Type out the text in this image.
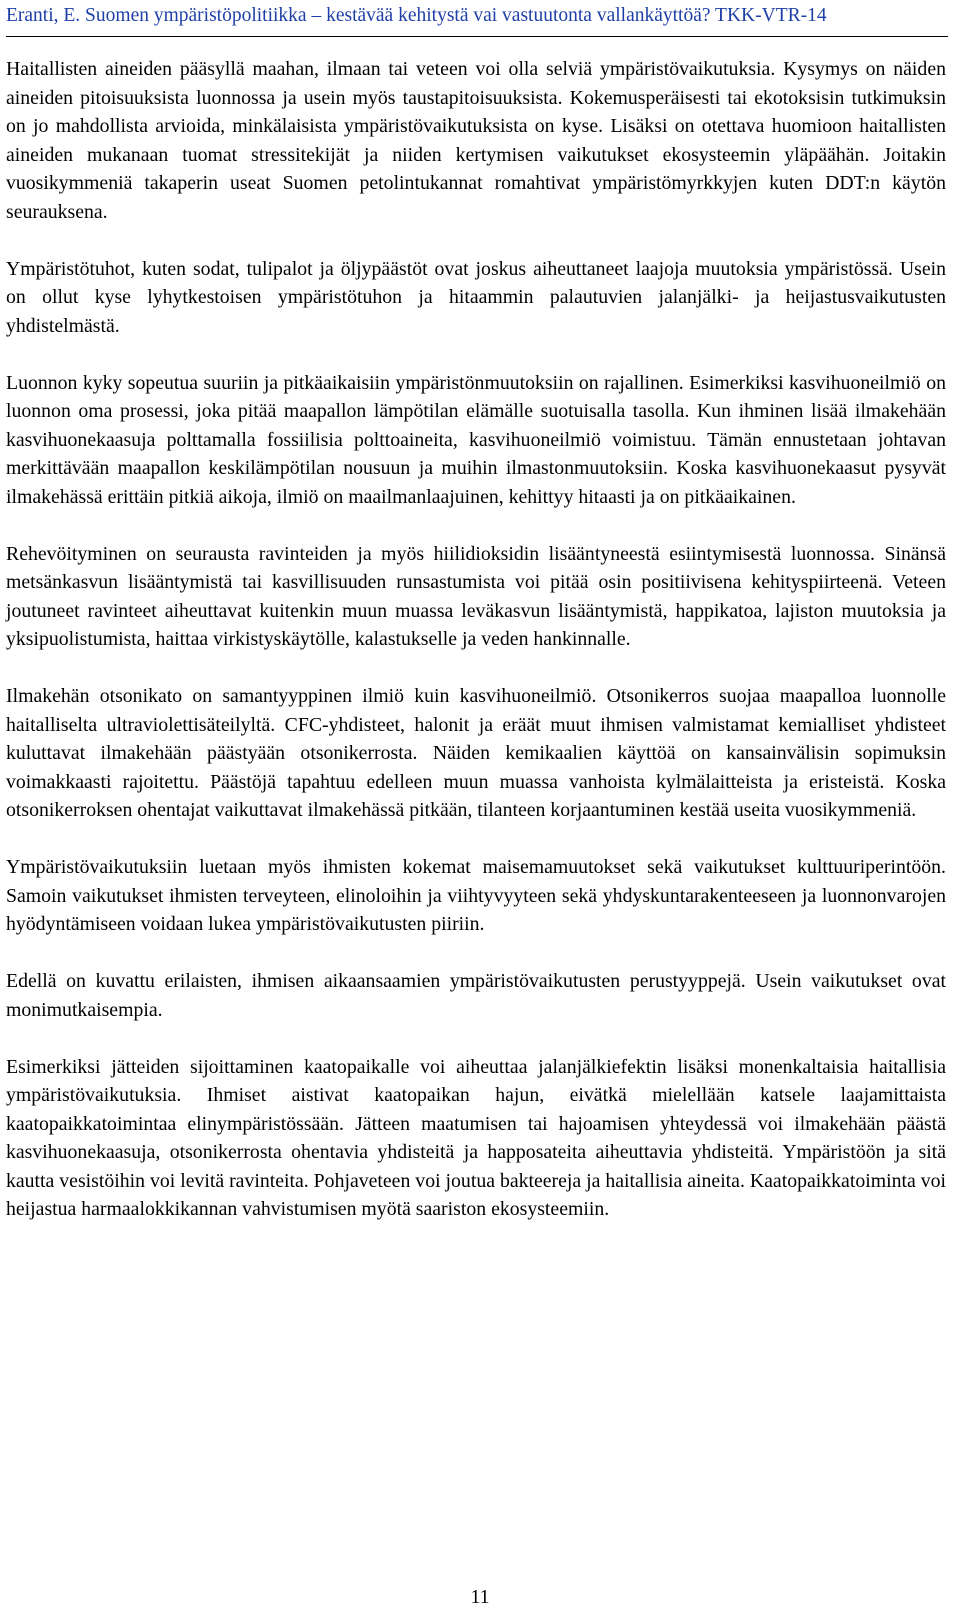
Eranti, E. Suomen ympäristöpolitiikka – kestävää kehitystä vai vastuutonta vallankäyttöä? TKK-VTR-14

Haitallisten aineiden pääsyllä maahan, ilmaan tai veteen voi olla selviä ympäristövaikutuksia. Kysymys on näiden aineiden pitoisuuksista luonnossa ja usein myös taustapitoisuuksista. Kokemusperäisesti tai ekotoksisin tutkimuksin on jo mahdollista arvioida, minkälaisista ympäristövaikutuksista on kyse. Lisäksi on otettava huomioon haitallisten aineiden mukanaan tuomat stressitekijät ja niiden kertymisen vaikutukset ekosysteemin yläpäähän. Joitakin vuosikymmeniä takaperin useat Suomen petolintukannat romahtivat ympäristömyrkkyjen kuten DDT:n käytön seurauksena.

Ympäristötuhot, kuten sodat, tulipalot ja öljypäästöt ovat joskus aiheuttaneet laajoja muutoksia ympäristössä. Usein on ollut kyse lyhytkestoisen ympäristötuhon ja hitaammin palautuvien jalanjälki- ja heijastusvaikutusten yhdistelmästä.

Luonnon kyky sopeutua suuriin ja pitkäaikaisiin ympäristönmuutoksiin on rajallinen. Esimerkiksi kasvihuoneilmiö on luonnon oma prosessi, joka pitää maapallon lämpötilan elämälle suotuisalla tasolla. Kun ihminen lisää ilmakehään kasvihuonekaasuja polttamalla fossiilisia polttoaineita, kasvihuoneilmiö voimistuu. Tämän ennustetaan johtavan merkittävään maapallon keskilämpötilan nousuun ja muihin ilmastonmuutoksiin. Koska kasvihuonekaasut pysyvät ilmakehässä erittäin pitkiä aikoja, ilmiö on maailmanlaajuinen, kehittyy hitaasti ja on pitkäaikainen.

Rehevöityminen on seurausta ravinteiden ja myös hiilidioksidin lisääntyneestä esiintymisestä luonnossa. Sinänsä metsänkasvun lisääntymistä tai kasvillisuuden runsastumista voi pitää osin positiivisena kehityspiirteenä. Veteen joutuneet ravinteet aiheuttavat kuitenkin muun muassa leväkasvun lisääntymistä, happikatoa, lajiston muutoksia ja yksipuolistumista, haittaa virkistyskäytölle, kalastukselle ja veden hankinnalle.

Ilmakehän otsonikato on samantyyppinen ilmiö kuin kasvihuoneilmiö. Otsonikerros suojaa maapalloa luonnolle haitalliselta ultraviolettisäteilyltä. CFC-yhdisteet, halonit ja eräät muut ihmisen valmistamat kemialliset yhdisteet kuluttavat ilmakehään päästyään otsonikerrosta. Näiden kemikaalien käyttöä on kansainvälisin sopimuksin voimakkaasti rajoitettu. Päästöjä tapahtuu edelleen muun muassa vanhoista kylmälaitteista ja eristeistä. Koska otsonikerroksen ohentajat vaikuttavat ilmakehässä pitkään, tilanteen korjaantuminen kestää useita vuosikymmeniä.

Ympäristövaikutuksiin luetaan myös ihmisten kokemat maisemamuutokset sekä vaikutukset kulttuuriperintöön. Samoin vaikutukset ihmisten terveyteen, elinoloihin ja viihtyvyyteen sekä yhdyskuntarakenteeseen ja luonnonvarojen hyödyntämiseen voidaan lukea ympäristövaikutusten piiriin.

Edellä on kuvattu erilaisten, ihmisen aikaansaamien ympäristövaikutusten perustyyppejä. Usein vaikutukset ovat monimutkaisempia.

Esimerkiksi jätteiden sijoittaminen kaatopaikalle voi aiheuttaa jalanjälkiefektin lisäksi monenkaltaisia haitallisia ympäristövaikutuksia. Ihmiset aistivat kaatopaikan hajun, eivätkä mielellään katsele laajamittaista kaatopaikkatoimintaa elinympäristössään. Jätteen maatumisen tai hajoamisen yhteydessä voi ilmakehään päästä kasvihuonekaasuja, otsonikerrosta ohentavia yhdisteitä ja happosateita aiheuttavia yhdisteitä. Ympäristöön ja sitä kautta vesistöihin voi levitä ravinteita. Pohjaveteen voi joutua bakteereja ja haitallisia aineita. Kaatopaikkatoiminta voi heijastua harmaalokkikannan vahvistumisen myötä saariston ekosysteemiin.

11
